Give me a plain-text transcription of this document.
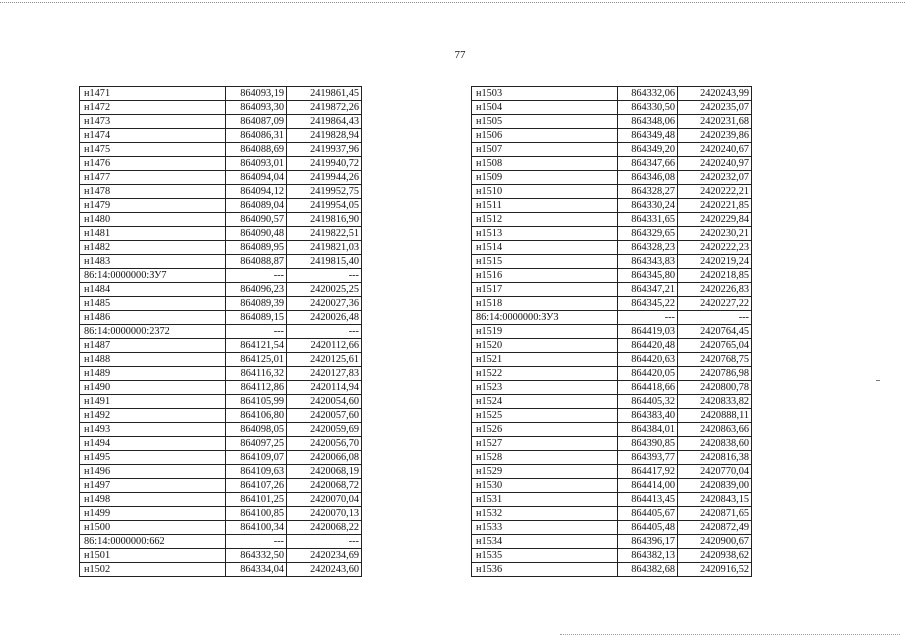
77
н1471	864093,19	2419861,45
н1472	864093,30	2419872,26
н1473	864087,09	2419864,43
н1474	864086,31	2419828,94
н1475	864088,69	2419937,96
н1476	864093,01	2419940,72
н1477	864094,04	2419944,26
н1478	864094,12	2419952,75
н1479	864089,04	2419954,05
н1480	864090,57	2419816,90
н1481	864090,48	2419822,51
н1482	864089,95	2419821,03
н1483	864088,87	2419815,40
86:14:0000000:ЗУ7	---	---
н1484	864096,23	2420025,25
н1485	864089,39	2420027,36
н1486	864089,15	2420026,48
86:14:0000000:2372	---	---
н1487	864121,54	2420112,66
н1488	864125,01	2420125,61
н1489	864116,32	2420127,83
н1490	864112,86	2420114,94
н1491	864105,99	2420054,60
н1492	864106,80	2420057,60
н1493	864098,05	2420059,69
н1494	864097,25	2420056,70
н1495	864109,07	2420066,08
н1496	864109,63	2420068,19
н1497	864107,26	2420068,72
н1498	864101,25	2420070,04
н1499	864100,85	2420070,13
н1500	864100,34	2420068,22
86:14:0000000:662	---	---
н1501	864332,50	2420234,69
н1502	864334,04	2420243,60
н1503	864332,06	2420243,99
н1504	864330,50	2420235,07
н1505	864348,06	2420231,68
н1506	864349,48	2420239,86
н1507	864349,20	2420240,67
н1508	864347,66	2420240,97
н1509	864346,08	2420232,07
н1510	864328,27	2420222,21
н1511	864330,24	2420221,85
н1512	864331,65	2420229,84
н1513	864329,65	2420230,21
н1514	864328,23	2420222,23
н1515	864343,83	2420219,24
н1516	864345,80	2420218,85
н1517	864347,21	2420226,83
н1518	864345,22	2420227,22
86:14:0000000:ЗУ3	---	---
н1519	864419,03	2420764,45
н1520	864420,48	2420765,04
н1521	864420,63	2420768,75
н1522	864420,05	2420786,98
н1523	864418,66	2420800,78
н1524	864405,32	2420833,82
н1525	864383,40	2420888,11
н1526	864384,01	2420863,66
н1527	864390,85	2420838,60
н1528	864393,77	2420816,38
н1529	864417,92	2420770,04
н1530	864414,00	2420839,00
н1531	864413,45	2420843,15
н1532	864405,67	2420871,65
н1533	864405,48	2420872,49
н1534	864396,17	2420900,67
н1535	864382,13	2420938,62
н1536	864382,68	2420916,52
